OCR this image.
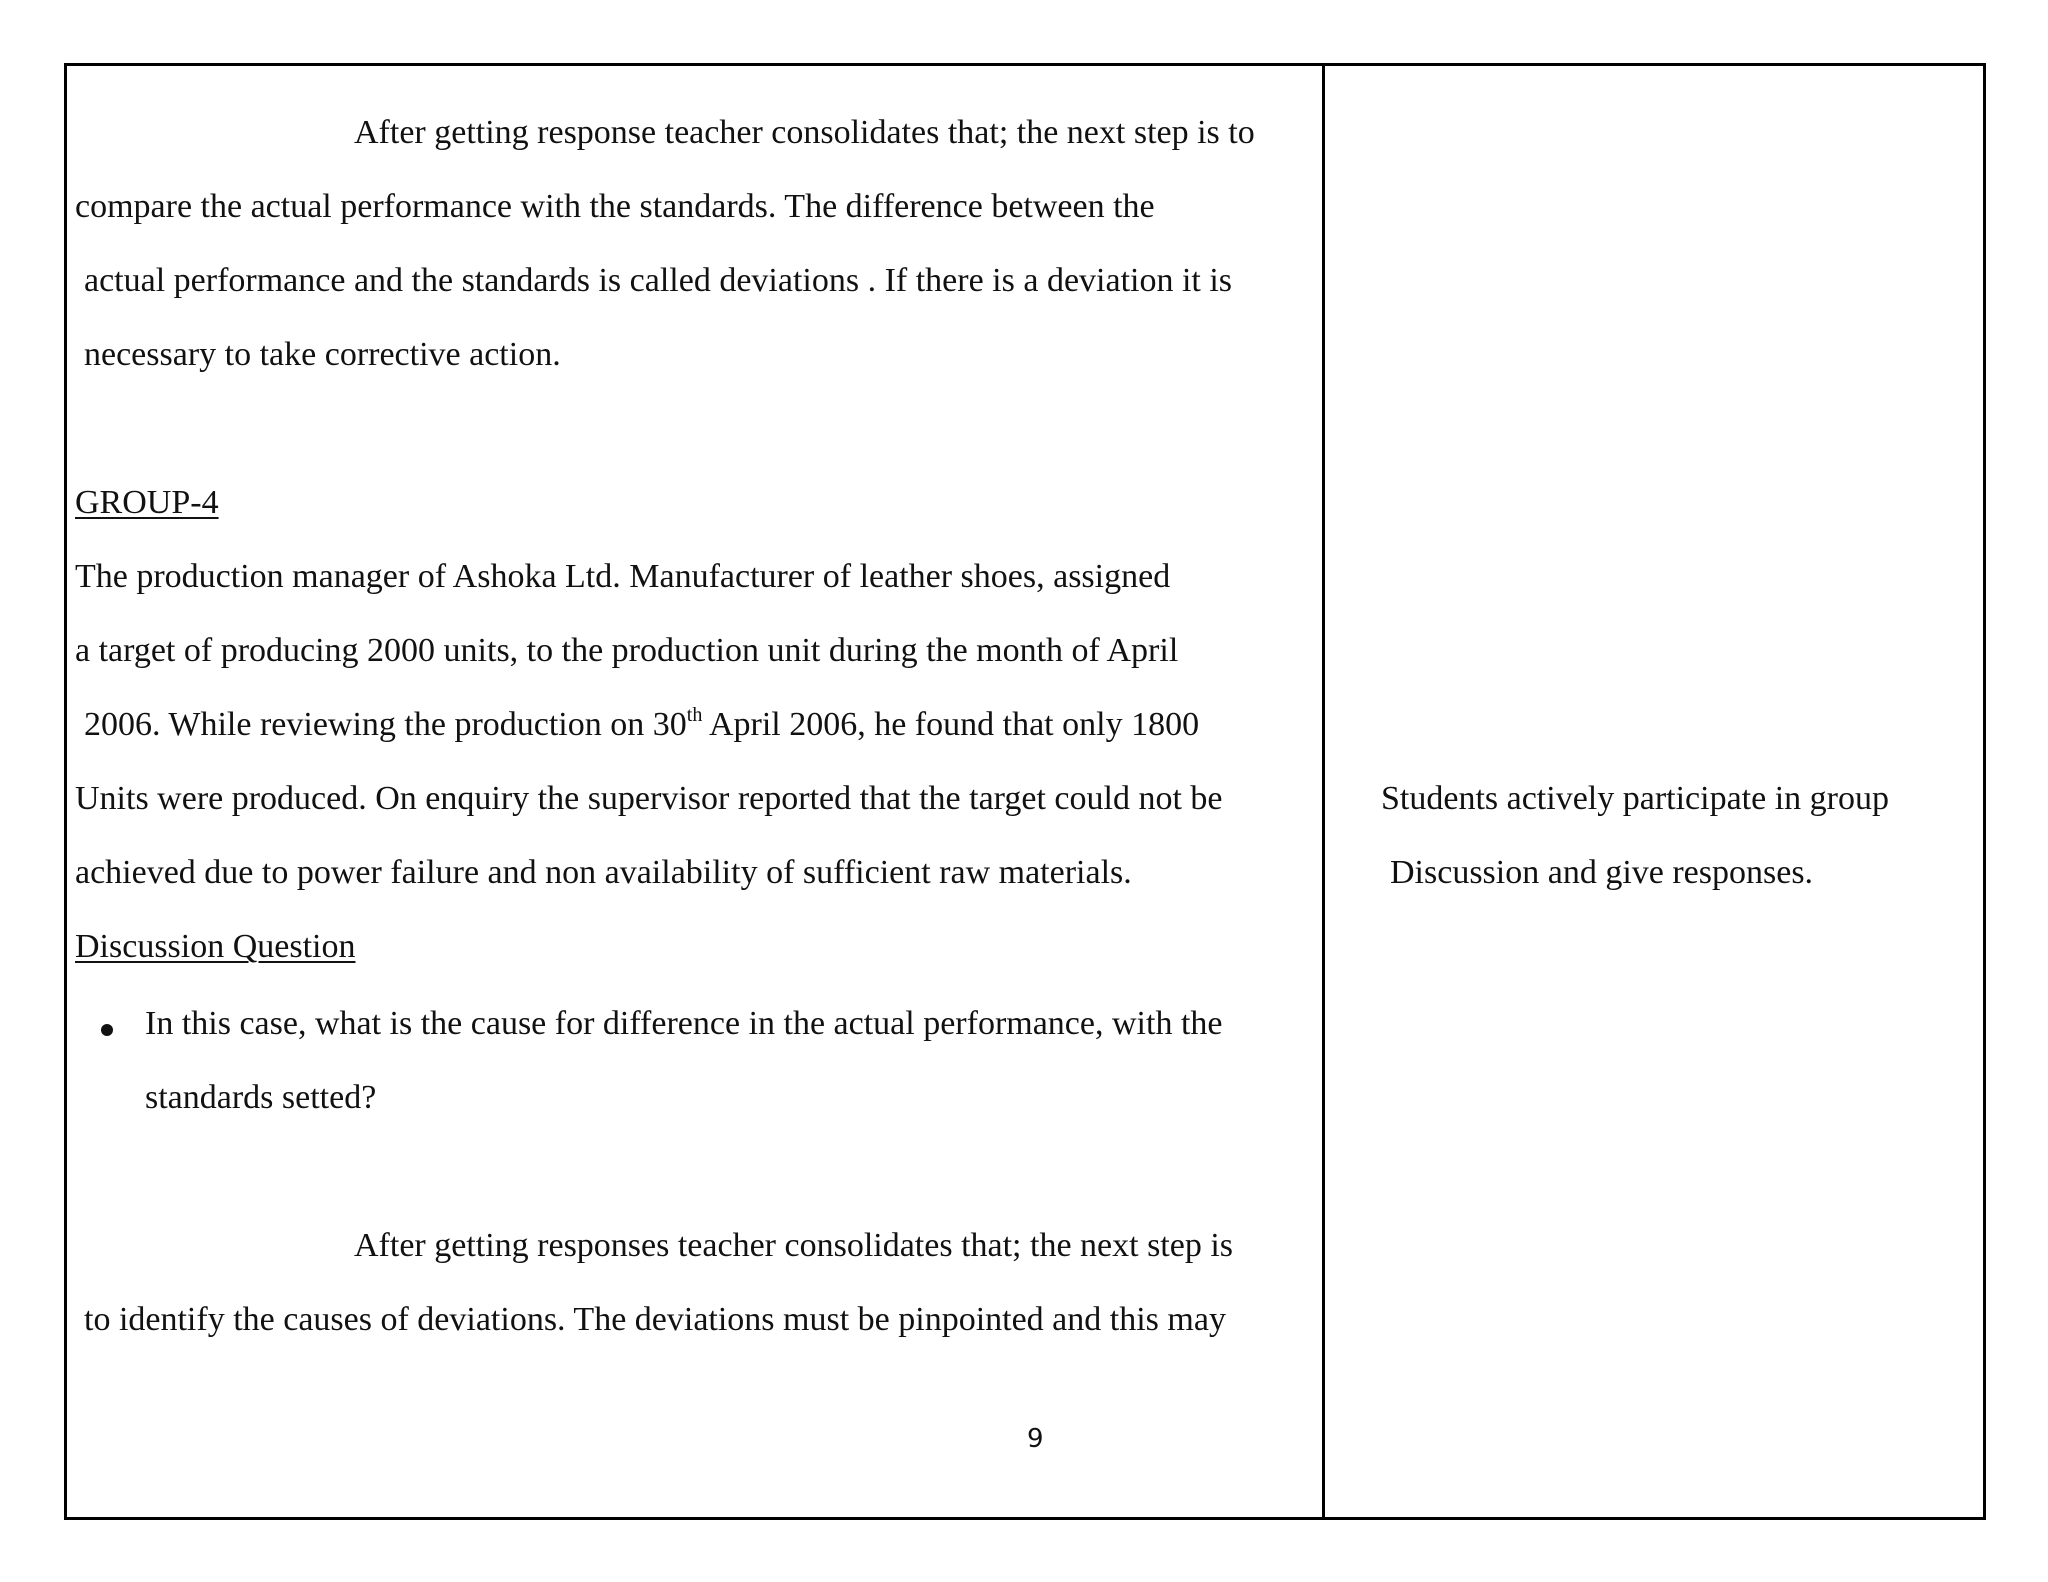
After getting response teacher consolidates that; the next step is to
compare the actual performance with the standards. The difference between the
actual performance and the standards is called deviations . If there is a deviation it is
necessary to take corrective action.
GROUP-4
The production manager of Ashoka Ltd. Manufacturer of leather shoes, assigned
a target of producing 2000 units, to the production unit during the month of April
2006. While reviewing the production on 30th April 2006, he found that only 1800
Units were produced. On enquiry the supervisor reported that the target could not be
achieved due to power failure and non availability of sufficient raw materials.
Discussion Question
In this case, what is the cause for difference in the actual performance, with the
standards setted?
After getting responses teacher consolidates that; the next step is
to identify the causes of deviations. The deviations must be pinpointed and this may
9
Students actively participate in group
Discussion and give responses.
